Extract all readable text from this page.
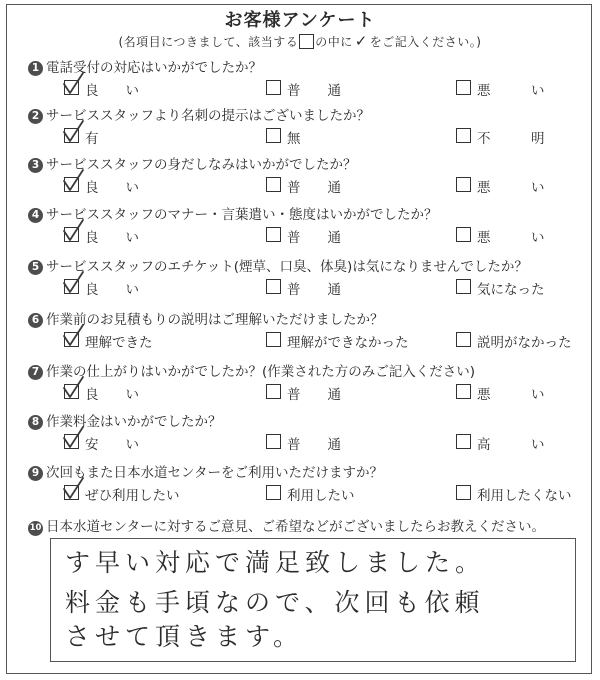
お客様アンケート
(名項目につきまして、該当する の中に ✓ をご記入ください。)
1 電話受付の対応はいかがでしたか？
良　　い	普　　通	悪　　　い
2 サービススタッフより名刺の提示はございましたか？
有	無	不　　　明
3 サービススタッフの身だしなみはいかがでしたか？
良　　い	普　　通	悪　　　い
4 サービススタッフのマナー・言葉遣い・態度はいかがでしたか？
良　　い	普　　通	悪　　　い
5 サービススタッフのエチケット(煙草、口臭、体臭)は気になりませんでしたか？
良　　い	普　　通	気になった
6 作業前のお見積もりの説明はご理解いただけましたか？
理解できた	理解ができなかった	説明がなかった
7 作業の仕上がりはいかがでしたか？(作業された方のみご記入ください)
良　　い	普　　通	悪　　　い
8 作業料金はいかがでしたか？
安　　い	普　　通	高　　　い
9 次回もまた日本水道センターをご利用いただけますか？
ぜひ利用したい	利用したい	利用したくない
10 日本水道センターに対するご意見、ご希望などがございましたらお教えください。
す早い対応で満足致しました。
料金も手頃なので、次回も依頼
させて頂きます。
